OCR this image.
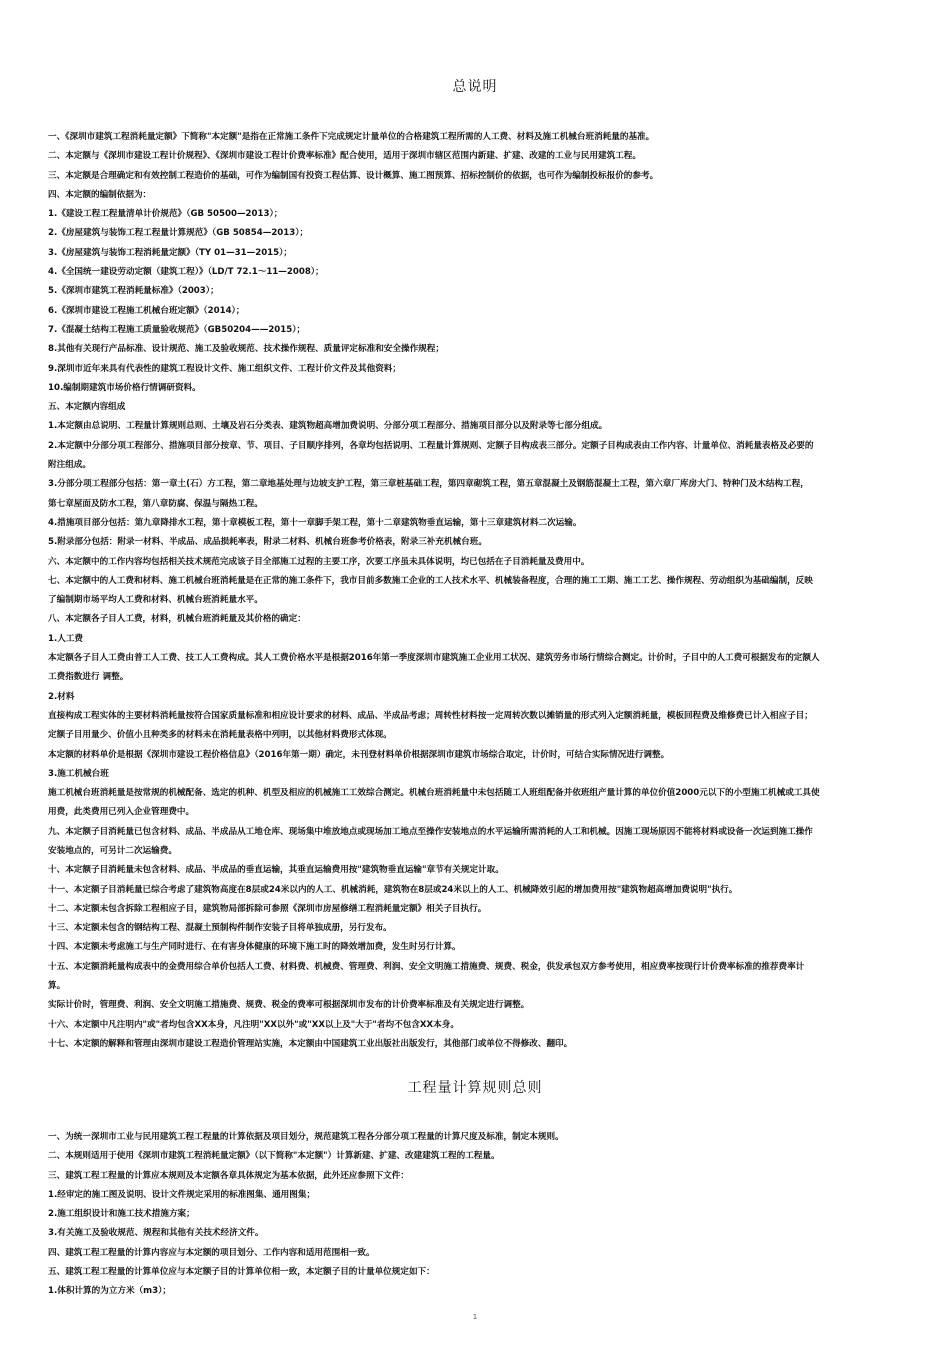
总说明
一、《深圳市建筑工程消耗量定额》下简称"本定额"是指在正常施工条件下完成规定计量单位的合格建筑工程所需的人工费、材料及施工机械台班消耗量的基准。
二、本定额与《深圳市建设工程计价规程》、《深圳市建设工程计价费率标准》配合使用，适用于深圳市辖区范围内新建、扩建、改建的工业与民用建筑工程。
三、本定额是合理确定和有效控制工程造价的基础，可作为编制国有投资工程估算、设计概算、施工图预算、招标控制价的依据，也可作为编制投标报价的参考。
四、本定额的编制依据为：
1.《建设工程工程量清单计价规范》（GB 50500—2013）；
2.《房屋建筑与装饰工程工程量计算规范》（GB 50854—2013）；
3.《房屋建筑与装饰工程消耗量定额》（TY 01—31—2015）；
4.《全国统一建设劳动定额（建筑工程）》（LD/T 72.1～11—2008）；
5.《深圳市建筑工程消耗量标准》（2003）；
6.《深圳市建设工程施工机械台班定额》（2014）；
7.《混凝土结构工程施工质量验收规范》（GB50204——2015）；
8.其他有关现行产品标准、设计规范、施工及验收规范、技术操作规程、质量评定标准和安全操作规程；
9.深圳市近年来具有代表性的建筑工程设计文件、施工组织文件、工程计价文件及其他资料；
10.编制期建筑市场价格行情调研资料。
五、本定额内容组成
1.本定额由总说明、工程量计算规则总则、土壤及岩石分类表、建筑物超高增加费说明、分部分项工程部分、措施项目部分以及附录等七部分组成。
2.本定额中分部分项工程部分、措施项目部分按章、节、项目、子目顺序排列，各章均包括说明、工程量计算规则、定额子目构成表三部分。定额子目构成表由工作内容、计量单位、消耗量表格及必要的
附注组成。
3.分部分项工程部分包括：第一章土(石）方工程，第二章地基处理与边坡支护工程，第三章桩基础工程，第四章砌筑工程，第五章混凝土及钢筋混凝土工程，第六章厂库房大门、特种门及木结构工程，
第七章屋面及防水工程，第八章防腐、保温与隔热工程。
4.措施项目部分包括：第九章降排水工程，第十章模板工程，第十一章脚手架工程，第十二章建筑物垂直运输，第十三章建筑材料二次运输。
5.附录部分包括：附录一材料、半成品、成品损耗率表，附录二材料、机械台班参考价格表，附录三补充机械台班。
六、本定额中的工作内容均包括相关技术规范完成该子目全部施工过程的主要工序，次要工序虽未具体说明，均已包括在子目消耗量及费用中。
七、本定额中的人工费和材料、施工机械台班消耗量是在正常的施工条件下，我市目前多数施工企业的工人技术水平、机械装备程度，合理的施工工期、施工工艺、操作规程、劳动组织为基础编制，反映
了编制期市场平均人工费和材料、机械台班消耗量水平。
八、本定额各子目人工费，材料，机械台班消耗量及其价格的确定：
1.人工费
本定额各子目人工费由普工人工费、技工人工费构成。其人工费价格水平是根据2016年第一季度深圳市建筑施工企业用工状况、建筑劳务市场行情综合测定。计价时，子目中的人工费可根据发布的定额人
工费指数进行 调整。
2.材料
直接构成工程实体的主要材料消耗量按符合国家质量标准和相应设计要求的材料、成品、半成品考虑；周转性材料按一定周转次数以摊销量的形式列入定额消耗量，模板回程费及维修费已计入相应子目；
定额子目用量少、价值小且种类多的材料未在消耗量表格中列明，以其他材料费形式体现。
本定额的材料单价是根据《深圳市建设工程价格信息》（2016年第一期）确定，未刊登材料单价根据深圳市建筑市场综合取定，计价时，可结合实际情况进行调整。
3.施工机械台班
施工机械台班消耗量是按常规的机械配备、选定的机种、机型及相应的机械施工工效综合测定。机械台班消耗量中未包括随工人班组配备并依班组产量计算的单位价值2000元以下的小型施工机械或工具使
用费，此类费用已列入企业管理费中。
九、本定额子目消耗量已包含材料、成品、半成品从工地仓库、现场集中堆放地点或现场加工地点至操作安装地点的水平运输所需消耗的人工和机械。因施工现场原因不能将材料或设备一次运到施工操作
安装地点的，可另计二次运输费。
十、本定额子目消耗量未包含材料、成品、半成品的垂直运输，其垂直运输费用按"建筑物垂直运输"章节有关规定计取。
十一、本定额子目消耗量已综合考虑了建筑物高度在8层或24米以内的人工、机械消耗，建筑物在8层或24米以上的人工、机械降效引起的增加费用按"建筑物超高增加费说明"执行。
十二、本定额未包含拆除工程相应子目，建筑物局部拆除可参照《深圳市房屋修缮工程消耗量定额》相关子目执行。
十三、本定额未包含的钢结构工程、混凝土预制构件制作安装子目将单独成册，另行发布。
十四、本定额未考虑施工与生产同时进行、在有害身体健康的环境下施工时的降效增加费，发生时另行计算。
十五、本定额消耗量构成表中的金费用综合单价包括人工费、材料费、机械费、管理费、利润、安全文明施工措施费、规费、税金，供发承包双方参考使用，相应费率按现行计价费率标准的推荐费率计
算。
实际计价时，管理费、利润、安全文明施工措施费、规费、税金的费率可根据深圳市发布的计价费率标准及有关规定进行调整。
十六、本定额中凡注明内"或"者均包含XX本身，凡注明"XX以外"或"XX以上及"大于"者均不包含XX本身。
十七、本定额的解释和管理由深圳市建设工程造价管理站实施，本定额由中国建筑工业出版社出版发行，其他部门或单位不得修改、翻印。
工程量计算规则总则
一、为统一深圳市工业与民用建筑工程工程量的计算依据及项目划分，规范建筑工程各分部分项工程量的计算尺度及标准，制定本规则。
二、本规则适用于使用《深圳市建筑工程消耗量定额》（以下简称"本定额"）计算新建、扩建、改建建筑工程的工程量。
三、建筑工程工程量的计算应本规则及本定额各章具体规定为基本依据，此外还应参照下文件：
1.经审定的施工图及说明、设计文件规定采用的标准图集、通用图集；
2.施工组织设计和施工技术措施方案；
3.有关施工及验收规范、规程和其他有关技术经济文件。
四、建筑工程工程量的计算内容应与本定额的项目划分、工作内容和适用范围相一致。
五、建筑工程工程量的计算单位应与本定额子目的计算单位相一致，本定额子目的计量单位规定如下：
1.体积计算的为立方米（m3）；
1
